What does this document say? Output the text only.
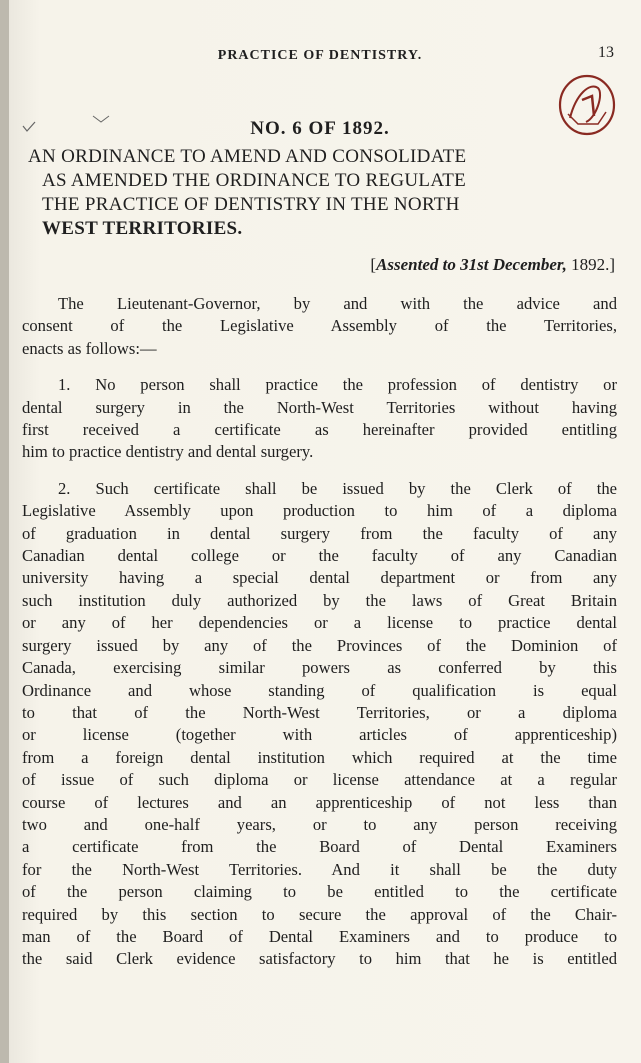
PRACTICE OF DENTISTRY.	13
NO. 6 OF 1892.
AN ORDINANCE TO AMEND AND CONSOLIDATE
AS AMENDED THE ORDINANCE TO REGULATE
THE PRACTICE OF DENTISTRY IN THE NORTH
WEST TERRITORIES.
[Assented to 31st December, 1892.]
The Lieutenant-Governor, by and with the advice and
consent of the Legislative Assembly of the Territories,
enacts as follows:—
1. No person shall practice the profession of dentistry or
dental surgery in the North-West Territories without having
first received a certificate as hereinafter provided entitling
him to practice dentistry and dental surgery.
2. Such certificate shall be issued by the Clerk of the
Legislative Assembly upon production to him of a diploma
of graduation in dental surgery from the faculty of any
Canadian dental college or the faculty of any Canadian
university having a special dental department or from any
such institution duly authorized by the laws of Great Britain
or any of her dependencies or a license to practice dental
surgery issued by any of the Provinces of the Dominion of
Canada, exercising similar powers as conferred by this
Ordinance and whose standing of qualification is equal
to that of the North-West Territories, or a diploma
or license (together with articles of apprenticeship)
from a foreign dental institution which required at the time
of issue of such diploma or license attendance at a regular
course of lectures and an apprenticeship of not less than
two and one-half years, or to any person receiving
a certificate from the Board of Dental Examiners
for the North-West Territories. And it shall be the duty
of the person claiming to be entitled to the certificate
required by this section to secure the approval of the Chair-
man of the Board of Dental Examiners and to produce to
the said Clerk evidence satisfactory to him that he is entitled
